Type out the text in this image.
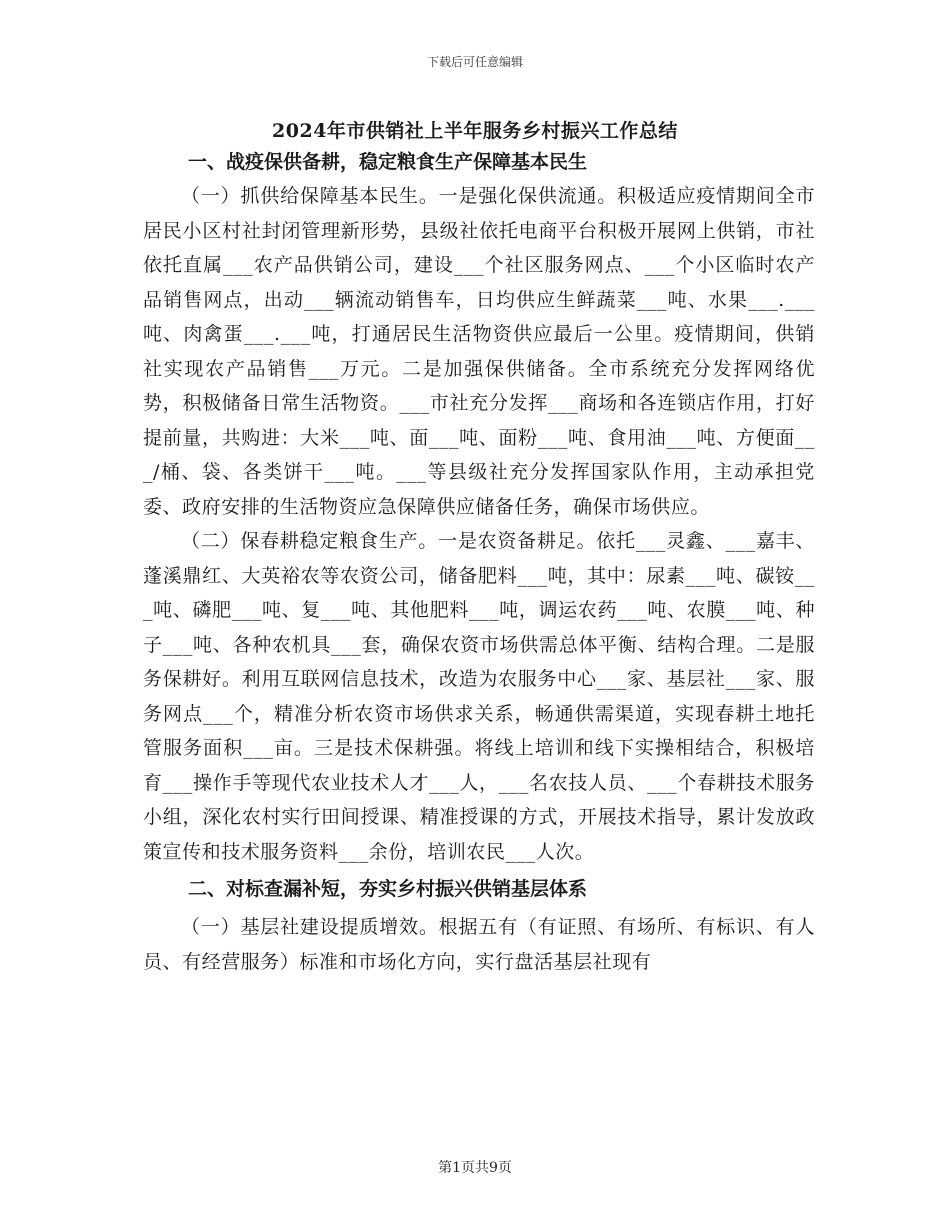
下载后可任意编辑
2024年市供销社上半年服务乡村振兴工作总结
一、战疫保供备耕，稳定粮食生产保障基本民生

（一）抓供给保障基本民生。一是强化保供流通。积极适应疫情期间全市居民小区村社封闭管理新形势，县级社依托电商平台积极开展网上供销，市社依托直属___农产品供销公司，建设___个社区服务网点、___个小区临时农产品销售网点，出动___辆流动销售车，日均供应生鲜蔬菜___吨、水果___.___吨、肉禽蛋___.___吨，打通居民生活物资供应最后一公里。疫情期间，供销社实现农产品销售___万元。二是加强保供储备。全市系统充分发挥网络优势，积极储备日常生活物资。___市社充分发挥___商场和各连锁店作用，打好提前量，共购进：大米___吨、面___吨、面粉___吨、食用油___吨、方便面___/桶、袋、各类饼干___吨。___等县级社充分发挥国家队作用，主动承担党委、政府安排的生活物资应急保障供应储备任务，确保市场供应。

（二）保春耕稳定粮食生产。一是农资备耕足。依托___灵鑫、___嘉丰、蓬溪鼎红、大英裕农等农资公司，储备肥料___吨，其中：尿素___吨、碳铵___吨、磷肥___吨、复___吨、其他肥料___吨，调运农药___吨、农膜___吨、种子___吨、各种农机具___套，确保农资市场供需总体平衡、结构合理。二是服务保耕好。利用互联网信息技术，改造为农服务中心___家、基层社___家、服务网点___个，精准分析农资市场供求关系，畅通供需渠道，实现春耕土地托管服务面积___亩。三是技术保耕强。将线上培训和线下实操相结合，积极培育___操作手等现代农业技术人才___人，___名农技人员、___个春耕技术服务小组，深化农村实行田间授课、精准授课的方式，开展技术指导，累计发放政策宣传和技术服务资料___余份，培训农民___人次。

二、对标查漏补短，夯实乡村振兴供销基层体系

（一）基层社建设提质增效。根据五有（有证照、有场所、有标识、有人员、有经营服务）标准和市场化方向，实行盘活基层社现有

第1页共9页
